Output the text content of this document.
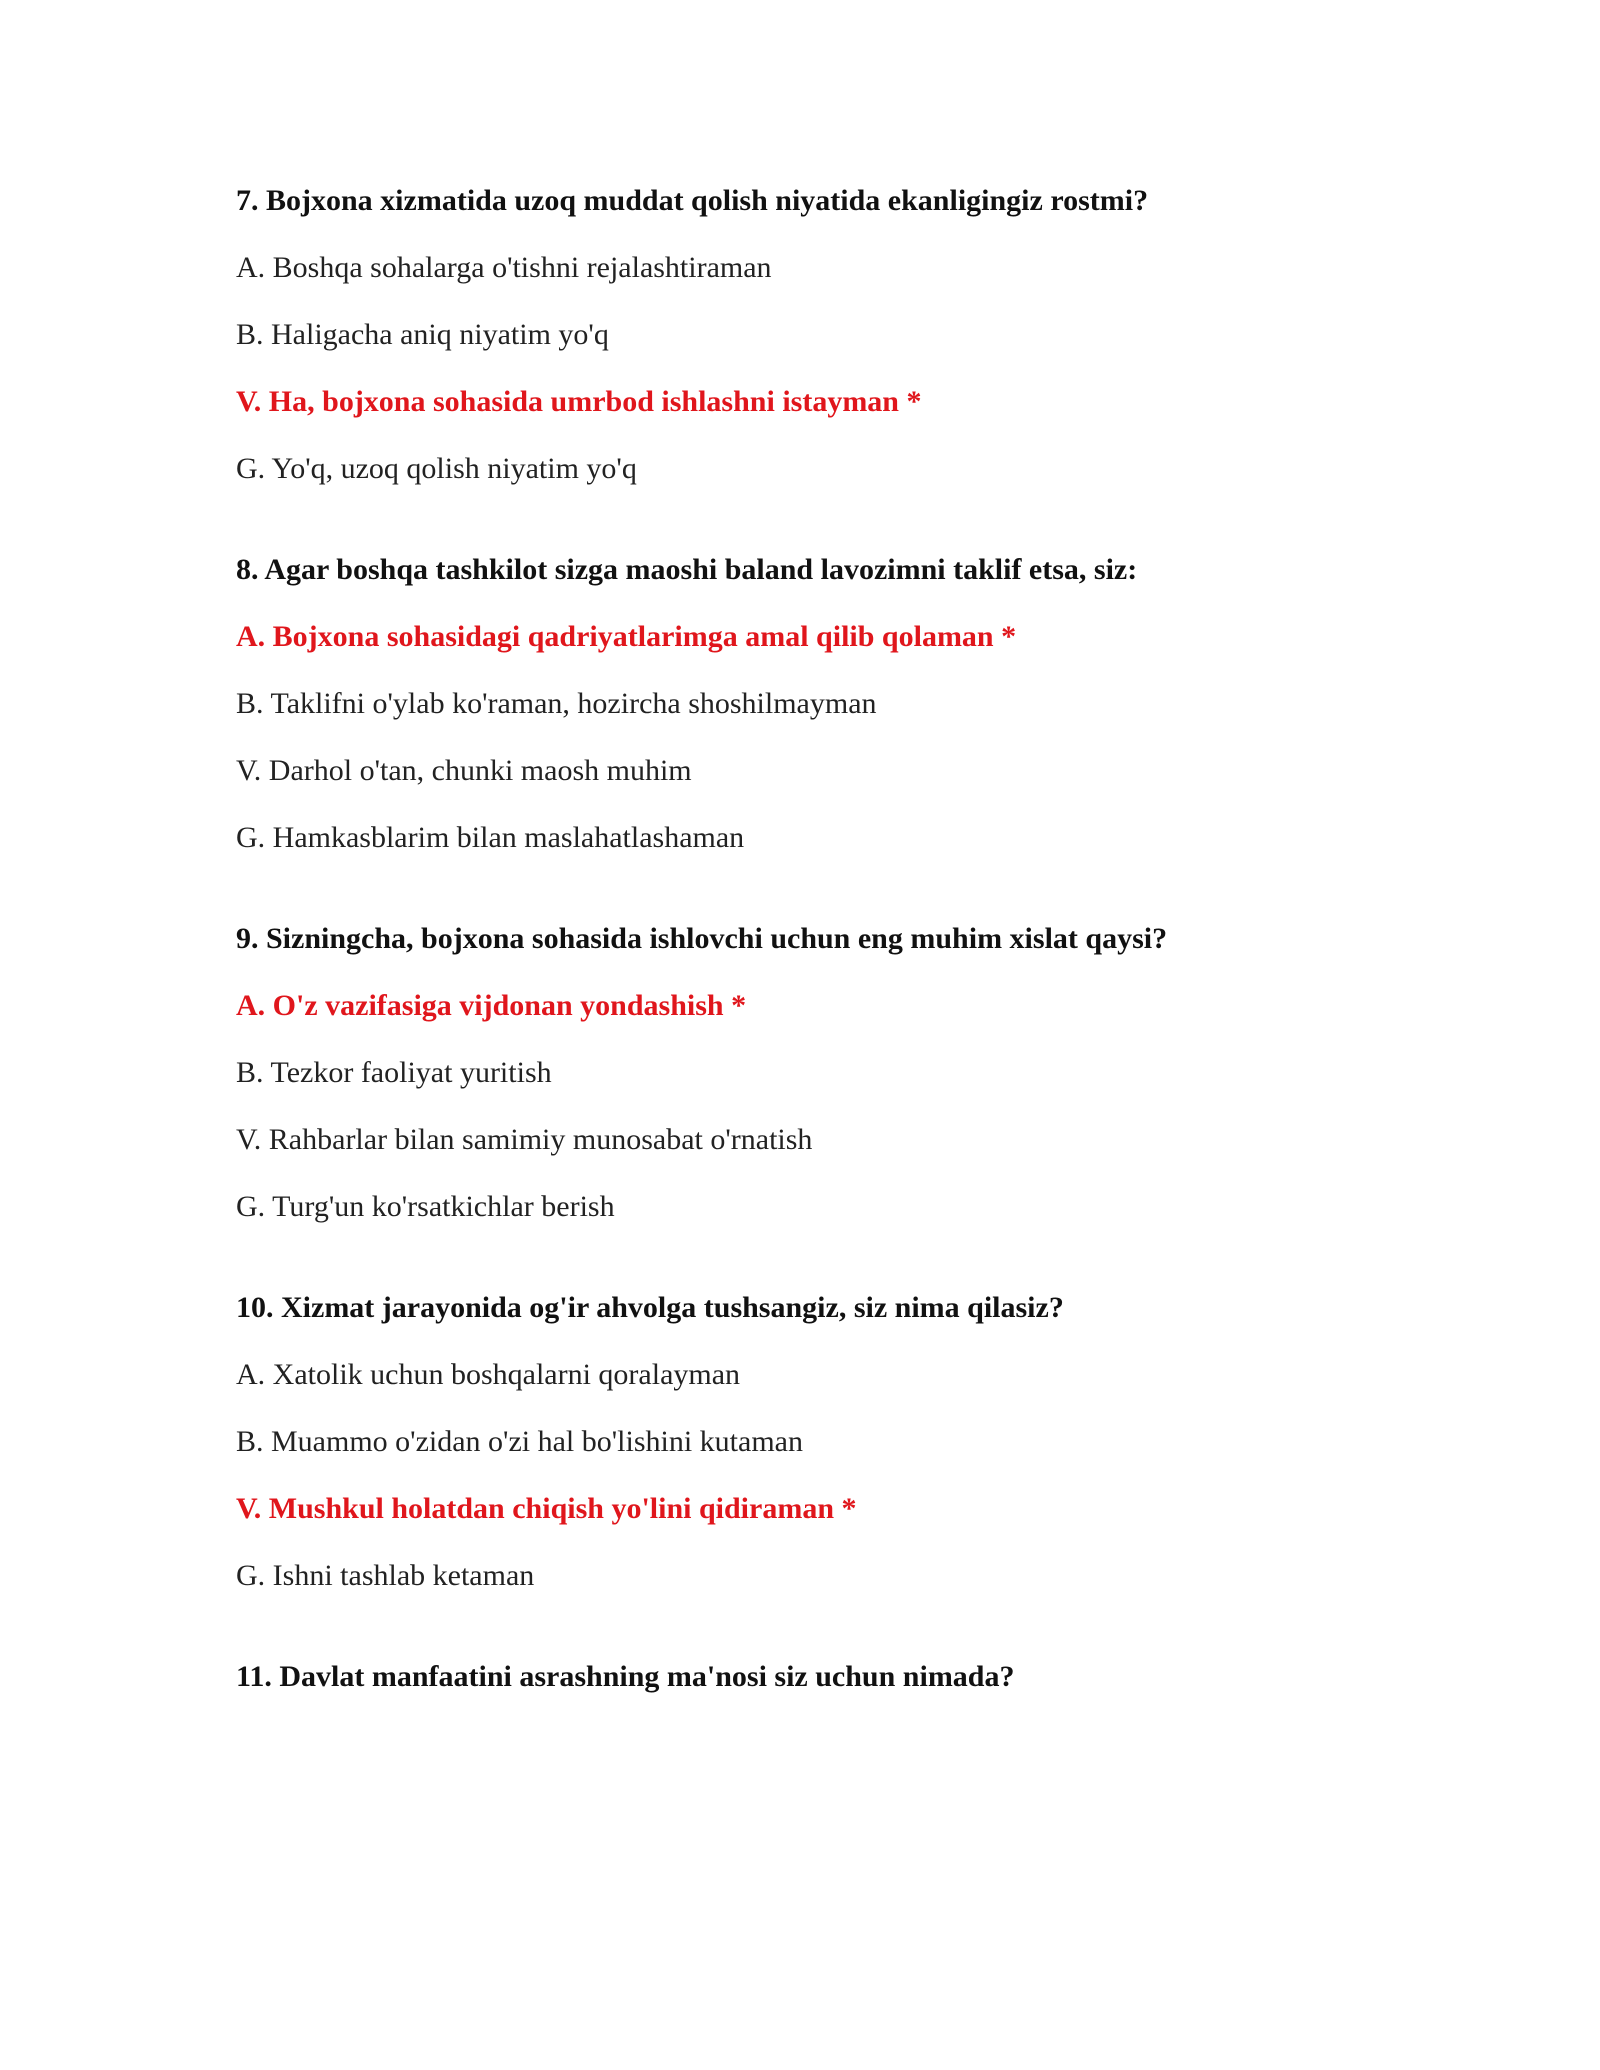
7. Bojxona xizmatida uzoq muddat qolish niyatida ekanligingiz rostmi?
A. Boshqa sohalarga o'tishni rejalashtiraman
B. Haligacha aniq niyatim yo'q
V. Ha, bojxona sohasida umrbod ishlashni istayman *
G. Yo'q, uzoq qolish niyatim yo'q
8. Agar boshqa tashkilot sizga maoshi baland lavozimni taklif etsa, siz:
A. Bojxona sohasidagi qadriyatlarimga amal qilib qolaman *
B. Taklifni o'ylab ko'raman, hozircha shoshilmayman
V. Darhol o'tan, chunki maosh muhim
G. Hamkasblarim bilan maslahatlashaman
9. Sizningcha, bojxona sohasida ishlovchi uchun eng muhim xislat qaysi?
A. O'z vazifasiga vijdonan yondashish *
B. Tezkor faoliyat yuritish
V. Rahbarlar bilan samimiy munosabat o'rnatish
G. Turg'un ko'rsatkichlar berish
10. Xizmat jarayonida og'ir ahvolga tushsangiz, siz nima qilasiz?
A. Xatolik uchun boshqalarni qoralayman
B. Muammo o'zidan o'zi hal bo'lishini kutaman
V. Mushkul holatdan chiqish yo'lini qidiraman *
G. Ishni tashlab ketaman
11. Davlat manfaatini asrashning ma'nosi siz uchun nimada?
